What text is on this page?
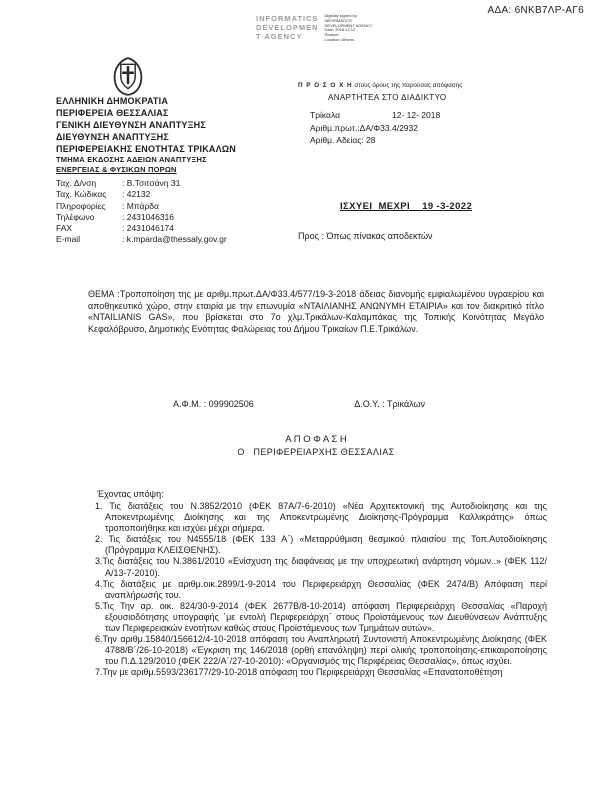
ΑΔΑ: 6ΝΚΒ7ΛΡ-ΑΓ6
INFORMATICS
DEVELOPMEN
T AGENCY
Digitally signed by
INFORMATICS
DEVELOPMENT AGENCY
Date: 2018.12.12
Reason:
Location: Athens
ΕΛΛΗΝΙΚΗ ΔΗΜΟΚΡΑΤΙΑ
ΠΕΡΙΦΕΡΕΙΑ ΘΕΣΣΑΛΙΑΣ
ΓΕΝΙΚΗ ΔΙΕΥΘΥΝΣΗ ΑΝΑΠΤΥΞΗΣ
ΔΙΕΥΘΥΝΣΗ ΑΝΑΠΤΥΞΗΣ
ΠΕΡΙΦΕΡΕΙΑΚΗΣ ΕΝΟΤΗΤΑΣ ΤΡΙΚΑΛΩΝ
ΤΜΗΜΑ ΕΚΔΟΣΗΣ ΑΔΕΙΩΝ ΑΝΑΠΤΥΞΗΣ
ΕΝΕΡΓΕΙΑΣ & ΦΥΣΙΚΩΝ ΠΟΡΩΝ
Ταχ. Δ/νση	: Β.Τσιτσάνη 31
Ταχ. Κώδικας : 42132
Πληροφορίες : Μπάρδα
Τηλέφωνο	: 2431046316
FAX	: 2431046174
E-mail	: k.mparda@thessaly.gov.gr
Π Ρ Ο Σ Ο Χ Η στους όρους της παρούσας απόφασης
ΑΝΑΡΤΗΤΕΑ ΣΤΟ ΔΙΑΔΙΚΤΥΟ
Τρίκαλα	12- 12- 2018
Αριθμ.πρωτ.:ΔΑ/Φ33.4/2932
Αριθμ. Αδείας: 28
ΙΣΧΥΕΙ  ΜΕΧΡΙ    19 -3-2022
Προς : Όπως πίνακας αποδεκτών
ΘΕΜΑ :Τροποποίηση της με αριθμ.πρωτ.ΔΑ/Φ33.4/577/19-3-2018 άδειας διανομής εμφιαλωμένου υγραερίου και αποθηκευτικό χώρο, στην εταιρία με την επωνυμία «ΝΤΑΙΛΙΑΝΗΣ ΑΝΩΝΥΜΗ ΕΤΑΙΡΙΑ» και τον διακριτικό τίτλο «NTAILIANIS GAS», που βρίσκεται στο 7ο χλμ.Τρικάλων-Καλαμπάκας της Τοπικής Κοινότητας Μεγάλο Κεφαλόβρυσο, Δημοτικής Ενότητας Φαλώρειας του Δήμου Τρικαίων Π.Ε.Τρικάλων.
Α.Φ.Μ. : 099902506	Δ.Ο.Υ. : Τρικάλων
Α Π Ο Φ Α Σ Η
Ο   ΠΕΡΙΦΕΡΕΙΑΡΧΗΣ ΘΕΣΣΑΛΙΑΣ
Έχοντας υπόψη:
1. Τις διατάξεις του Ν.3852/2010 (ΦΕΚ 87Α/7-6-2010) «Νέα Αρχιτεκτονική της Αυτοδιοίκησης και της Αποκεντρωμένης Διοίκησης και της Αποκεντρωμένης Διοίκησης-Πρόγραμμα Καλλικράτης» όπως τροποποιήθηκε και ισχύει μέχρι σήμερα.
2. Τις διατάξεις του Ν4555/18 (ΦΕΚ 133 Α΄) «Μεταρρύθμιση θεσμικού πλαισίου της Τοπ.Αυτοδιοίκησης (Πρόγραμμα ΚΛΕΙΣΘΕΝΗΣ).
3.Τις διατάξεις του Ν.3861/2010 «Ενίσχυση της διαφάνειας με την υποχρεωτική ανάρτηση νόμων..» (ΦΕΚ 112/Α/13-7-2010).
4.Τις διατάξεις με αριθμ.οικ.2899/1-9-2014 του Περιφερειάρχη Θεσσαλίας (ΦΕΚ 2474/Β) Απόφαση περί αναπλήρωσής του.
5.Τις Την αρ. οικ. 824/30-9-2014 (ΦΕΚ 2677Β/8-10-2014) απόφαση Περιφερειάρχη Θεσσαλίας «Παροχή εξουσιοδότησης υπογραφής ΄με εντολή Περιφερειάρχη΄ στους Προϊστάμενους των Διευθύνσεων Ανάπτυξης των Περιφερειακών ενοτήτων καθώς στους Προϊστάμενους των Τμημάτων αυτών».
6.Την αριθμ.15840/156612/4-10-2018 απόφαση του Αναπληρωτή Συντονιστή Αποκεντρωμένης Διοίκησης (ΦΕΚ 4788/Β΄/26-10-2018) «Έγκριση της 146/2018 (ορθή επανάληψη) περί ολικής τροποποίησης-επικαιροποίησης του Π.Δ.129/2010 (ΦΕΚ 222/Α΄/27-10-2010): «Οργανισμός της Περιφέρειας Θεσσαλίας», όπως ισχύει.
7.Την με αριθμ.5593/236177/29-10-2018 απόφαση του Περιφερειάρχη Θεσσαλίας «Επανατοποθέτηση
